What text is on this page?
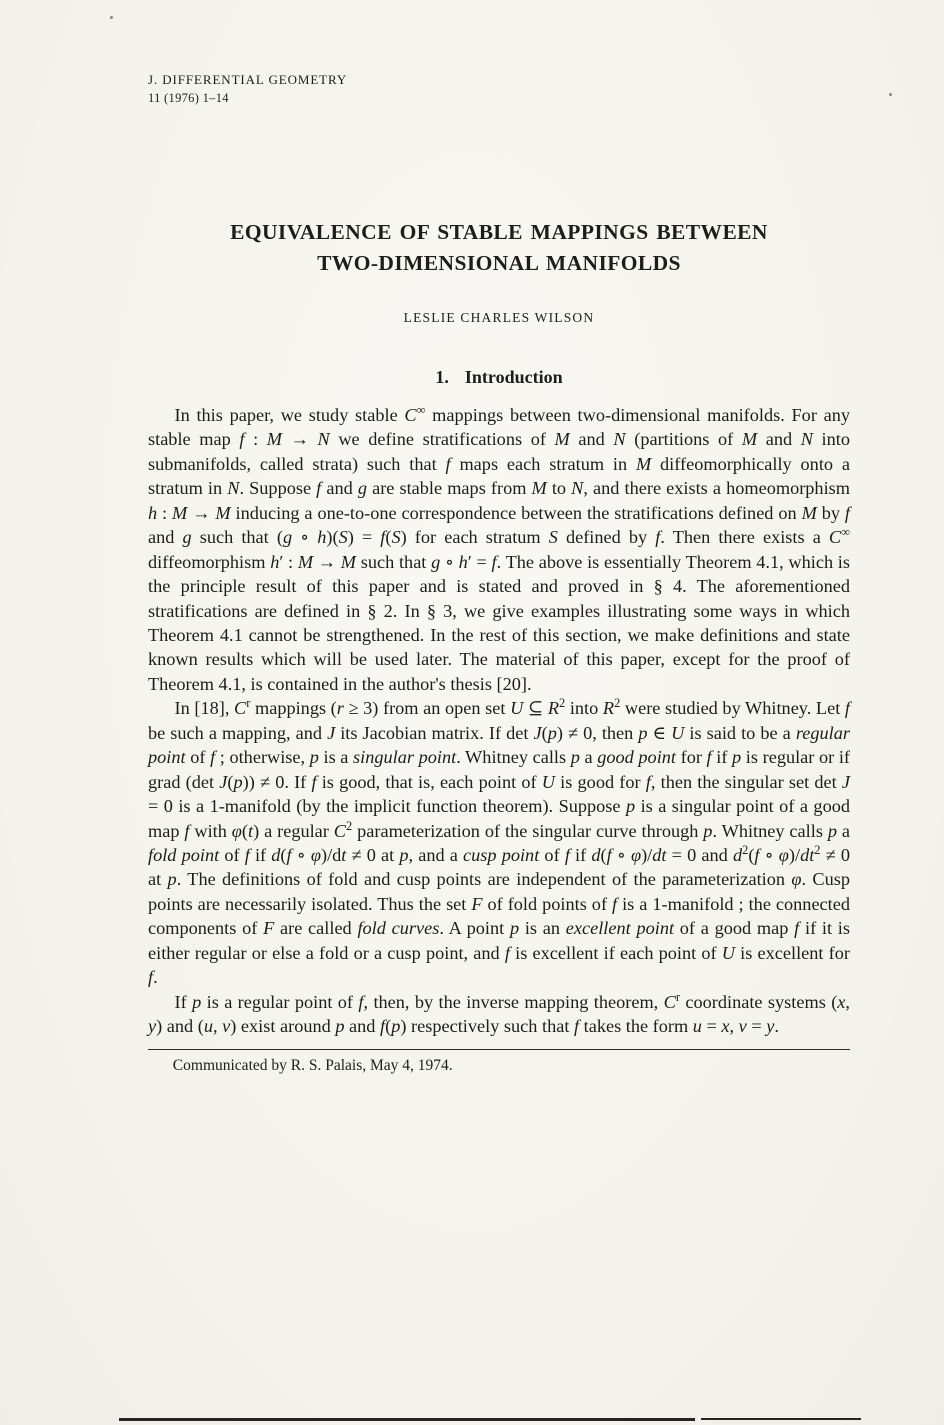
J. DIFFERENTIAL GEOMETRY
11 (1976) 1–14
EQUIVALENCE OF STABLE MAPPINGS BETWEEN
TWO-DIMENSIONAL MANIFOLDS
LESLIE CHARLES WILSON
1. Introduction

In this paper, we study stable C∞ mappings between two-dimensional manifolds. For any stable map f : M → N we define stratifications of M and N (partitions of M and N into submanifolds, called strata) such that f maps each stratum in M diffeomorphically onto a stratum in N. Suppose f and g are stable maps from M to N, and there exists a homeomorphism h : M → M inducing a one-to-one correspondence between the stratifications defined on M by f and g such that (g ∘ h)(S) = f(S) for each stratum S defined by f. Then there exists a C∞ diffeomorphism h′ : M → M such that g ∘ h′ = f. The above is essentially Theorem 4.1, which is the principle result of this paper and is stated and proved in § 4. The aforementioned stratifications are defined in § 2. In § 3, we give examples illustrating some ways in which Theorem 4.1 cannot be strengthened. In the rest of this section, we make definitions and state known results which will be used later. The material of this paper, except for the proof of Theorem 4.1, is contained in the author's thesis [20].

In [18], $C^r$ mappings (r ≥ 3) from an open set U ⊆ $R^2$ into $R^2$ were studied by Whitney. Let f be such a mapping, and J its Jacobian matrix. If det J(p) ≠ 0, then p ∈ U is said to be a regular point of f ; otherwise, p is a singular point. Whitney calls p a good point for f if p is regular or if grad (det J(p)) ≠ 0. If f is good, that is, each point of U is good for f, then the singular set det J = 0 is a 1-manifold (by the implicit function theorem). Suppose p is a singular point of a good map f with φ(t) a regular $C^2$ parameterization of the singular curve through p. Whitney calls p a fold point of f if d(f ∘ φ)/dt ≠ 0 at p, and a cusp point of f if d(f ∘ φ)/dt = 0 and $d^2(f$ ∘ $\varphi)/dt^2 \ne 0$ at p. The definitions of fold and cusp points are independent of the parameterization φ. Cusp points are necessarily isolated. Thus the set F of fold points of f is a 1-manifold ; the connected components of F are called fold curves. A point p is an excellent point of a good map f if it is either regular or else a fold or a cusp point, and f is excellent if each point of U is excellent for f.

If p is a regular point of f, then, by the inverse mapping theorem, $C^r$ coordinate systems (x, y) and (u, v) exist around p and f(p) respectively such that f takes the form u = x, v = y.

Communicated by R. S. Palais, May 4, 1974.
